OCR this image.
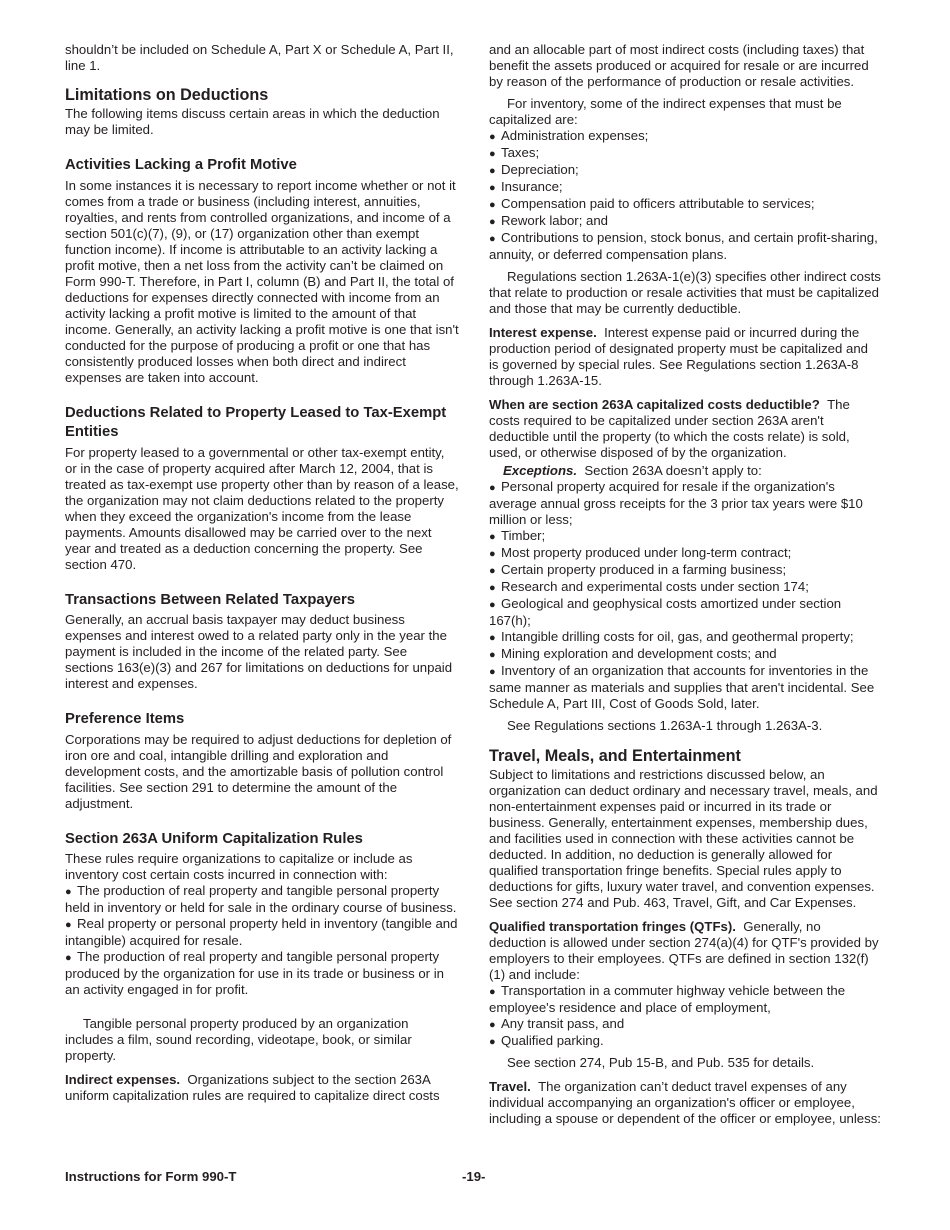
shouldn’t be included on Schedule A, Part X or Schedule A, Part II, line 1.

Limitations on Deductions

The following items discuss certain areas in which the deduction may be limited.

Activities Lacking a Profit Motive

In some instances it is necessary to report income whether or not it comes from a trade or business (including interest, annuities, royalties, and rents from controlled organizations, and income of a section 501(c)(7), (9), or (17) organization other than exempt function income). If income is attributable to an activity lacking a profit motive, then a net loss from the activity can’t be claimed on Form 990-T. Therefore, in Part I, column (B) and Part II, the total of deductions for expenses directly connected with income from an activity lacking a profit motive is limited to the amount of that income. Generally, an activity lacking a profit motive is one that isn't conducted for the purpose of producing a profit or one that has consistently produced losses when both direct and indirect expenses are taken into account.

Deductions Related to Property Leased to Tax-Exempt Entities

For property leased to a governmental or other tax-exempt entity, or in the case of property acquired after March 12, 2004, that is treated as tax-exempt use property other than by reason of a lease, the organization may not claim deductions related to the property when they exceed the organization's income from the lease payments. Amounts disallowed may be carried over to the next year and treated as a deduction concerning the property. See section 470.

Transactions Between Related Taxpayers

Generally, an accrual basis taxpayer may deduct business expenses and interest owed to a related party only in the year the payment is included in the income of the related party. See sections 163(e)(3) and 267 for limitations on deductions for unpaid interest and expenses.

Preference Items

Corporations may be required to adjust deductions for depletion of iron ore and coal, intangible drilling and exploration and development costs, and the amortizable basis of pollution control facilities. See section 291 to determine the amount of the adjustment.

Section 263A Uniform Capitalization Rules

These rules require organizations to capitalize or include as inventory cost certain costs incurred in connection with:

● The production of real property and tangible personal property held in inventory or held for sale in the ordinary course of business.
● Real property or personal property held in inventory (tangible and intangible) acquired for resale.
● The production of real property and tangible personal property produced by the organization for use in its trade or business or in an activity engaged in for profit.

Tangible personal property produced by an organization includes a film, sound recording, videotape, book, or similar property.

Indirect expenses. Organizations subject to the section 263A uniform capitalization rules are required to capitalize direct costs

and an allocable part of most indirect costs (including taxes) that benefit the assets produced or acquired for resale or are incurred by reason of the performance of production or resale activities.

For inventory, some of the indirect expenses that must be capitalized are:

● Administration expenses;
● Taxes;
● Depreciation;
● Insurance;
● Compensation paid to officers attributable to services;
● Rework labor; and
● Contributions to pension, stock bonus, and certain profit-sharing, annuity, or deferred compensation plans.

Regulations section 1.263A-1(e)(3) specifies other indirect costs that relate to production or resale activities that must be capitalized and those that may be currently deductible.

Interest expense. Interest expense paid or incurred during the production period of designated property must be capitalized and is governed by special rules. See Regulations section 1.263A-8 through 1.263A-15.

When are section 263A capitalized costs deductible? The costs required to be capitalized under section 263A aren't deductible until the property (to which the costs relate) is sold, used, or otherwise disposed of by the organization.

Exceptions. Section 263A doesn’t apply to:

● Personal property acquired for resale if the organization's average annual gross receipts for the 3 prior tax years were $10 million or less;
● Timber;
● Most property produced under long-term contract;
● Certain property produced in a farming business;
● Research and experimental costs under section 174;
● Geological and geophysical costs amortized under section 167(h);
● Intangible drilling costs for oil, gas, and geothermal property;
● Mining exploration and development costs; and
● Inventory of an organization that accounts for inventories in the same manner as materials and supplies that aren't incidental. See Schedule A, Part III, Cost of Goods Sold, later.

See Regulations sections 1.263A-1 through 1.263A-3.

Travel, Meals, and Entertainment

Subject to limitations and restrictions discussed below, an organization can deduct ordinary and necessary travel, meals, and non-entertainment expenses paid or incurred in its trade or business. Generally, entertainment expenses, membership dues, and facilities used in connection with these activities cannot be deducted. In addition, no deduction is generally allowed for qualified transportation fringe benefits. Special rules apply to deductions for gifts, luxury water travel, and convention expenses. See section 274 and Pub. 463, Travel, Gift, and Car Expenses.

Qualified transportation fringes (QTFs). Generally, no deduction is allowed under section 274(a)(4) for QTF's provided by employers to their employees. QTFs are defined in section 132(f)(1) and include:

● Transportation in a commuter highway vehicle between the employee's residence and place of employment,
● Any transit pass, and
● Qualified parking.

See section 274, Pub 15-B, and Pub. 535 for details.

Travel. The organization can’t deduct travel expenses of any individual accompanying an organization's officer or employee, including a spouse or dependent of the officer or employee, unless:

Instructions for Form 990-T	-19-
